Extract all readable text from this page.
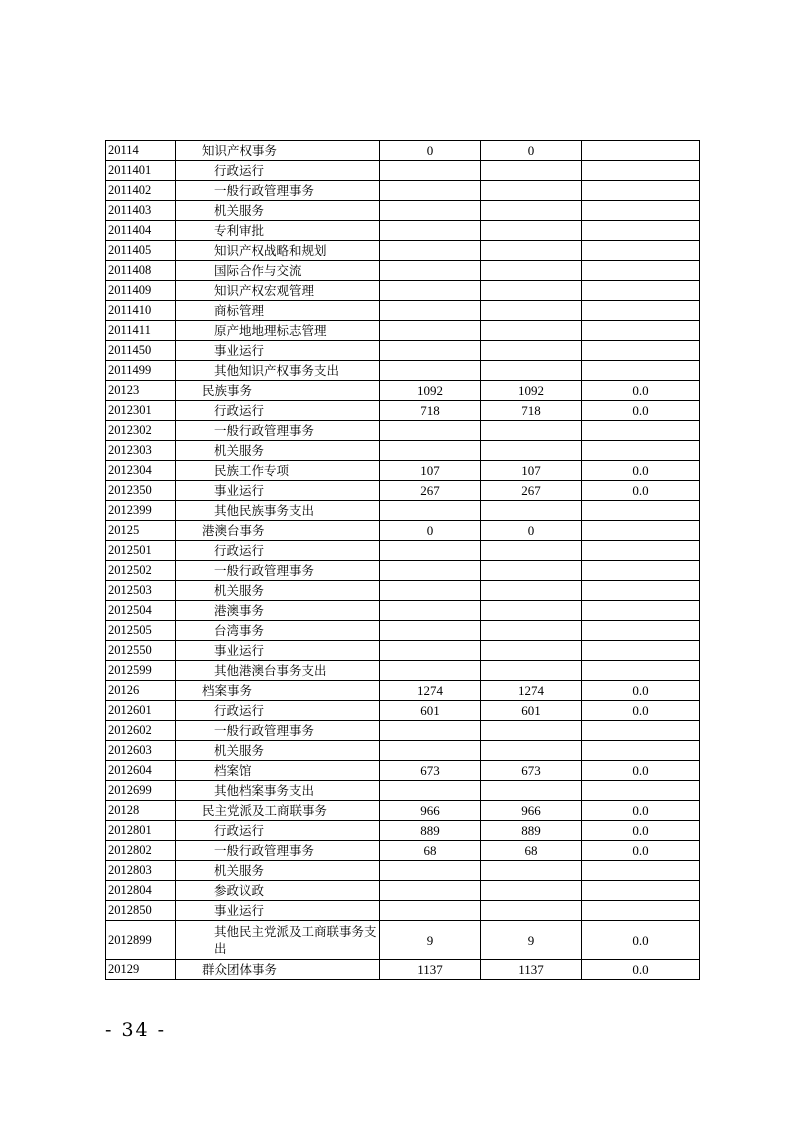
20114	知识产权事务	0	0	
2011401	行政运行			
2011402	一般行政管理事务			
2011403	机关服务			
2011404	专利审批			
2011405	知识产权战略和规划			
2011408	国际合作与交流			
2011409	知识产权宏观管理			
2011410	商标管理			
2011411	原产地地理标志管理			
2011450	事业运行			
2011499	其他知识产权事务支出			
20123	民族事务	1092	1092	0.0
2012301	行政运行	718	718	0.0
2012302	一般行政管理事务			
2012303	机关服务			
2012304	民族工作专项	107	107	0.0
2012350	事业运行	267	267	0.0
2012399	其他民族事务支出			
20125	港澳台事务	0	0	
2012501	行政运行			
2012502	一般行政管理事务			
2012503	机关服务			
2012504	港澳事务			
2012505	台湾事务			
2012550	事业运行			
2012599	其他港澳台事务支出			
20126	档案事务	1274	1274	0.0
2012601	行政运行	601	601	0.0
2012602	一般行政管理事务			
2012603	机关服务			
2012604	档案馆	673	673	0.0
2012699	其他档案事务支出			
20128	民主党派及工商联事务	966	966	0.0
2012801	行政运行	889	889	0.0
2012802	一般行政管理事务	68	68	0.0
2012803	机关服务			
2012804	参政议政			
2012850	事业运行			
2012899	其他民主党派及工商联事务支出	9	9	0.0
20129	群众团体事务	1137	1137	0.0
- 34 -
